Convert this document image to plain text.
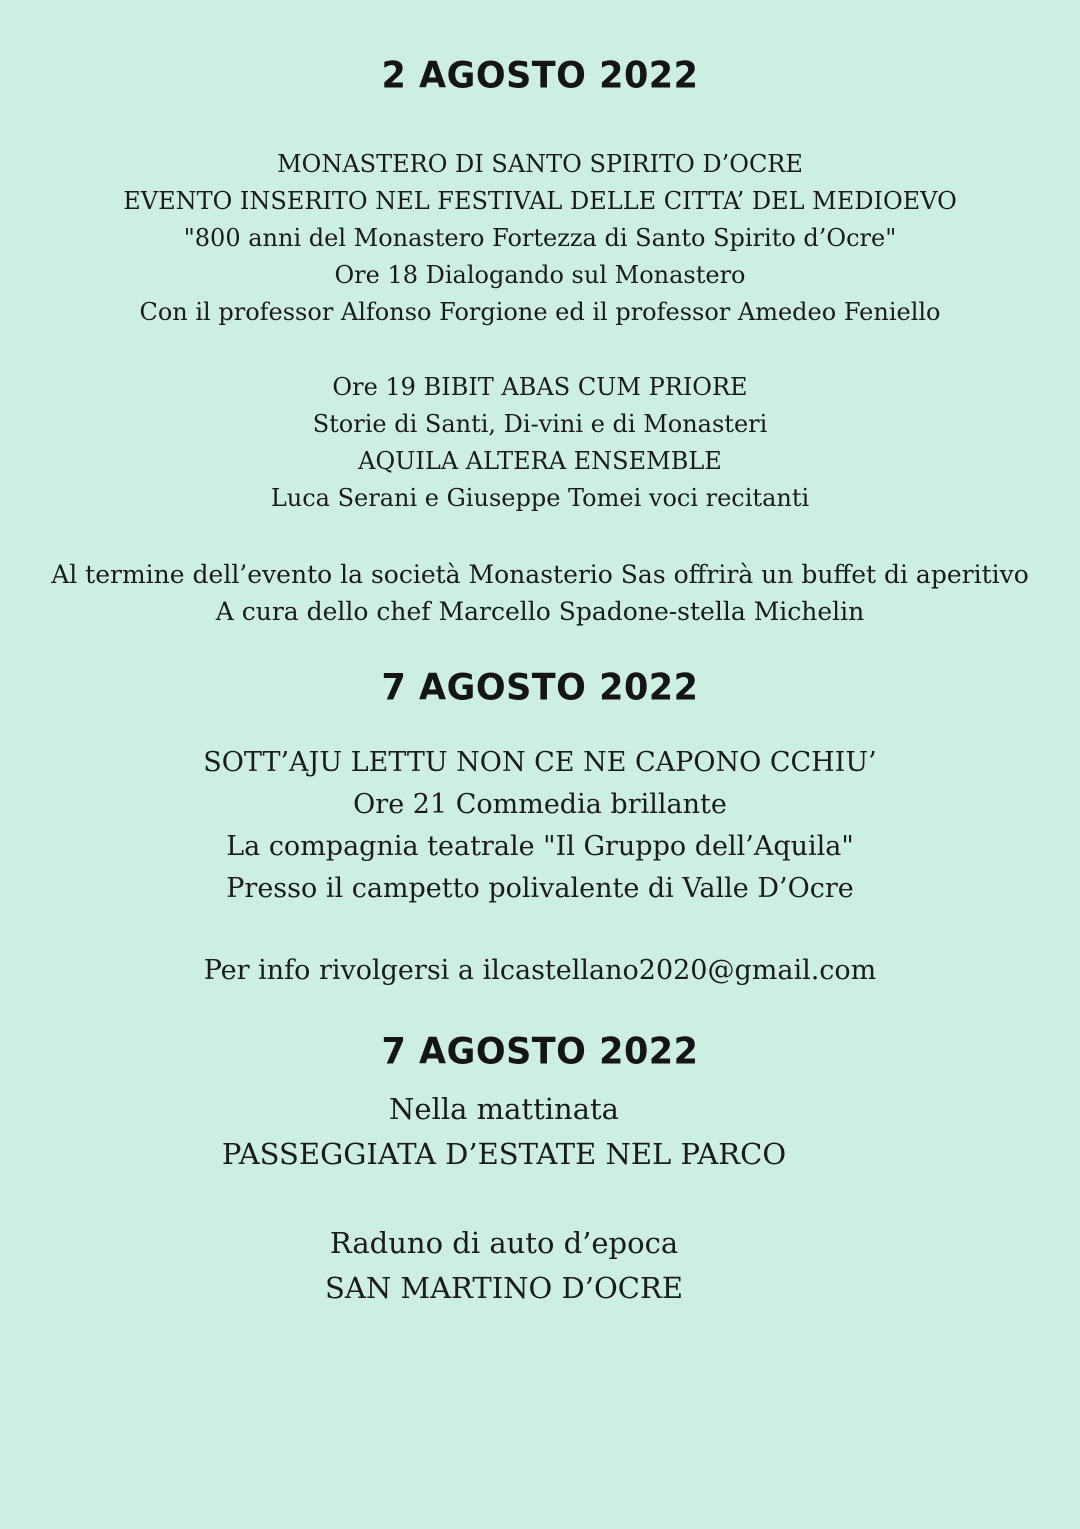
2 AGOSTO 2022
MONASTERO DI SANTO SPIRITO D’OCRE
EVENTO INSERITO NEL FESTIVAL DELLE CITTA’ DEL MEDIOEVO
"800 anni del Monastero Fortezza di Santo Spirito d’Ocre"
Ore 18 Dialogando sul Monastero
Con il professor Alfonso Forgione ed il professor Amedeo Feniello
Ore 19 BIBIT ABAS CUM PRIORE
Storie di Santi, Di-vini e di Monasteri
AQUILA ALTERA ENSEMBLE
Luca Serani e Giuseppe Tomei voci recitanti
Al termine dell’evento la società Monasterio Sas offrirà un buffet di aperitivo
A cura dello chef Marcello Spadone-stella Michelin
7 AGOSTO 2022
SOTT’AJU LETTU NON CE NE CAPONO CCHIU’
Ore 21 Commedia brillante
La compagnia teatrale "Il Gruppo dell’Aquila"
Presso il campetto polivalente di Valle D’Ocre
Per info rivolgersi a ilcastellano2020@gmail.com
7 AGOSTO 2022
Nella mattinata
PASSEGGIATA D’ESTATE NEL PARCO
Raduno di auto d’epoca
SAN MARTINO D’OCRE
